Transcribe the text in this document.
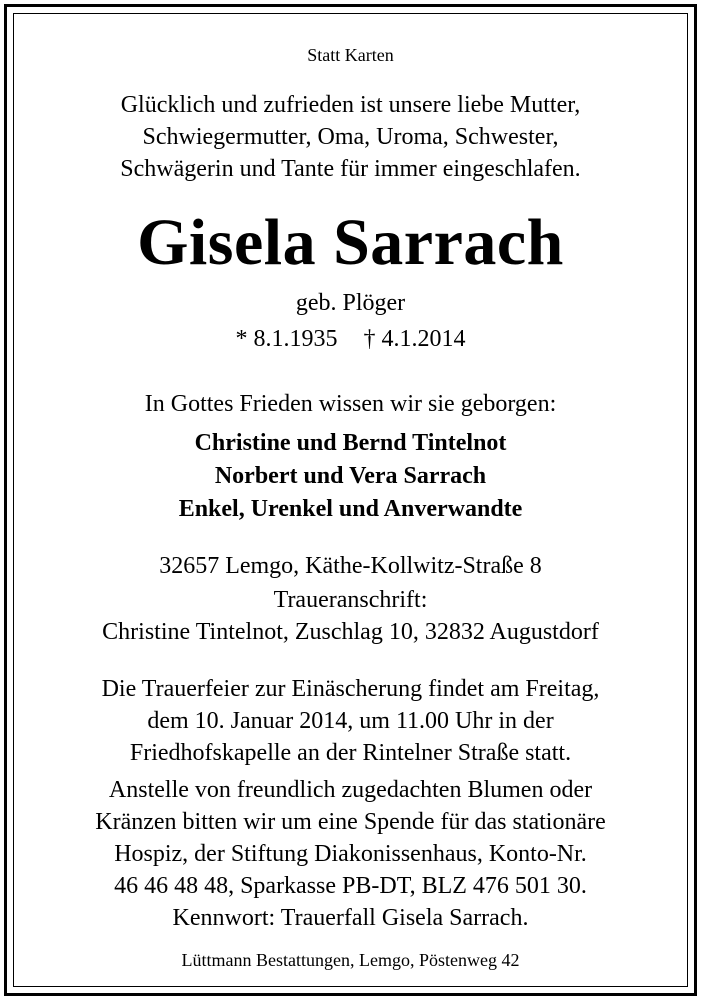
Statt Karten
Glücklich und zufrieden ist unsere liebe Mutter,
Schwiegermutter, Oma, Uroma, Schwester,
Schwägerin und Tante für immer eingeschlafen.
Gisela Sarrach
geb. Plöger
* 8.1.1935 † 4.1.2014
In Gottes Frieden wissen wir sie geborgen:
Christine und Bernd Tintelnot
Norbert und Vera Sarrach
Enkel, Urenkel und Anverwandte
32657 Lemgo, Käthe-Kollwitz-Straße 8
Traueranschrift:
Christine Tintelnot, Zuschlag 10, 32832 Augustdorf
Die Trauerfeier zur Einäscherung findet am Freitag,
dem 10. Januar 2014, um 11.00 Uhr in der
Friedhofskapelle an der Rintelner Straße statt.
Anstelle von freundlich zugedachten Blumen oder
Kränzen bitten wir um eine Spende für das stationäre
Hospiz, der Stiftung Diakonissenhaus, Konto-Nr.
46 46 48 48, Sparkasse PB-DT, BLZ 476 501 30.
Kennwort: Trauerfall Gisela Sarrach.
Lüttmann Bestattungen, Lemgo, Pöstenweg 42
